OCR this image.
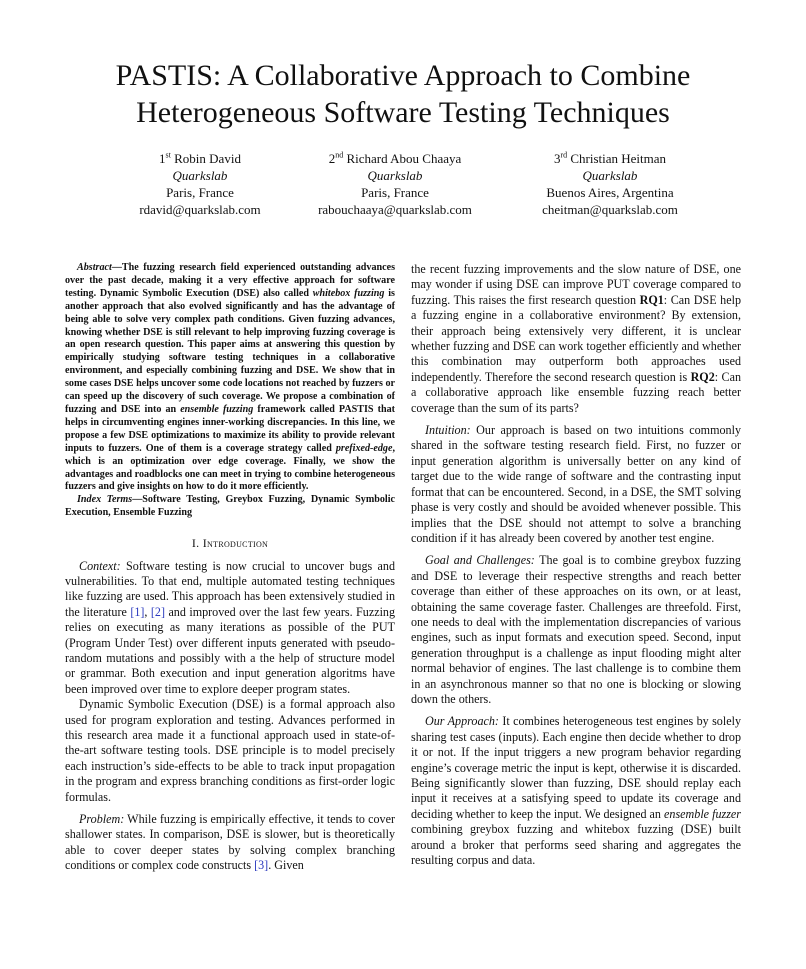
PASTIS: A Collaborative Approach to Combine
Heterogeneous Software Testing Techniques
1st Robin David
Quarkslab
Paris, France
rdavid@quarkslab.com
2nd Richard Abou Chaaya
Quarkslab
Paris, France
rabouchaaya@quarkslab.com
3rd Christian Heitman
Quarkslab
Buenos Aires, Argentina
cheitman@quarkslab.com

Abstract—The fuzzing research field experienced outstanding advances over the past decade, making it a very effective approach for software testing. Dynamic Symbolic Execution (DSE) also called whitebox fuzzing is another approach that also evolved significantly and has the advantage of being able to solve very complex path conditions. Given fuzzing advances, knowing whether DSE is still relevant to help improving fuzzing coverage is an open research question. This paper aims at answering this question by empirically studying software testing techniques in a collaborative environment, and especially combining fuzzing and DSE. We show that in some cases DSE helps uncover some code locations not reached by fuzzers or can speed up the discovery of such coverage. We propose a combination of fuzzing and DSE into an ensemble fuzzing framework called PASTIS that helps in circumventing engines inner-working discrepancies. In this line, we propose a few DSE optimizations to maximize its ability to provide relevant inputs to fuzzers. One of them is a coverage strategy called prefixed-edge, which is an optimization over edge coverage. Finally, we show the advantages and roadblocks one can meet in trying to combine heterogeneous fuzzers and give insights on how to do it more efficiently.

Index Terms—Software Testing, Greybox Fuzzing, Dynamic Symbolic Execution, Ensemble Fuzzing

I. Introduction

Context: Software testing is now crucial to uncover bugs and vulnerabilities. To that end, multiple automated testing techniques like fuzzing are used. This approach has been extensively studied in the literature [1], [2] and improved over the last few years. Fuzzing relies on executing as many iterations as possible of the PUT (Program Under Test) over different inputs generated with pseudo-random mutations and possibly with a the help of structure model or grammar. Both execution and input generation algoritms have been improved over time to explore deeper program states.

Dynamic Symbolic Execution (DSE) is a formal approach also used for program exploration and testing. Advances performed in this research area made it a functional approach used in state-of-the-art software testing tools. DSE principle is to model precisely each instruction’s side-effects to be able to track input propagation in the program and express branching conditions as first-order logic formulas.

Problem: While fuzzing is empirically effective, it tends to cover shallower states. In comparison, DSE is slower, but is theoretically able to cover deeper states by solving complex branching conditions or complex code constructs [3]. Given

the recent fuzzing improvements and the slow nature of DSE, one may wonder if using DSE can improve PUT coverage compared to fuzzing. This raises the first research question RQ1: Can DSE help a fuzzing engine in a collaborative environment? By extension, their approach being extensively very different, it is unclear whether fuzzing and DSE can work together efficiently and whether this combination may outperform both approaches used independently. Therefore the second research question is RQ2: Can a collaborative approach like ensemble fuzzing reach better coverage than the sum of its parts?

Intuition: Our approach is based on two intuitions commonly shared in the software testing research field. First, no fuzzer or input generation algorithm is universally better on any kind of target due to the wide range of software and the contrasting input format that can be encountered. Second, in a DSE, the SMT solving phase is very costly and should be avoided whenever possible. This implies that the DSE should not attempt to solve a branching condition if it has already been covered by another test engine.

Goal and Challenges: The goal is to combine greybox fuzzing and DSE to leverage their respective strengths and reach better coverage than either of these approaches on its own, or at least, obtaining the same coverage faster. Challenges are threefold. First, one needs to deal with the implementation discrepancies of various engines, such as input formats and execution speed. Second, input generation throughput is a challenge as input flooding might alter normal behavior of engines. The last challenge is to combine them in an asynchronous manner so that no one is blocking or slowing down the others.

Our Approach: It combines heterogeneous test engines by solely sharing test cases (inputs). Each engine then decide whether to drop it or not. If the input triggers a new program behavior regarding engine’s coverage metric the input is kept, otherwise it is discarded. Being significantly slower than fuzzing, DSE should replay each input it receives at a satisfying speed to update its coverage and deciding whether to keep the input. We designed an ensemble fuzzer combining greybox fuzzing and whitebox fuzzing (DSE) built around a broker that performs seed sharing and aggregates the resulting corpus and data.
